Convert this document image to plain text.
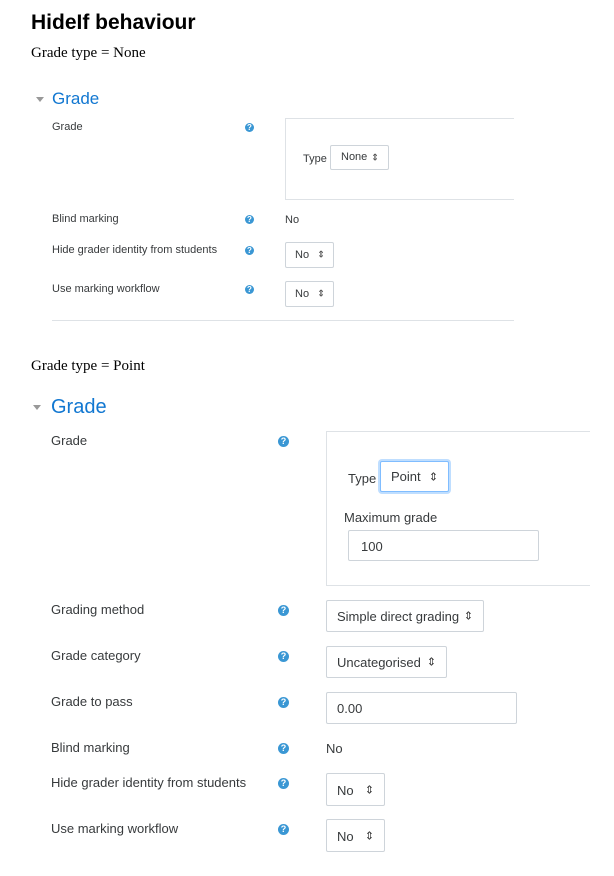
HideIf behaviour
Grade type = None
Grade
Grade	?
Type	None ⇕
Blind marking	?	No
Hide grader identity from students	?	No ⇕
Use marking workflow	?	No ⇕
Grade type = Point
Grade
Grade	?
Type	Point ⇕
Maximum grade
100
Grading method	?	Simple direct grading ⇕
Grade category	?	Uncategorised ⇕
Grade to pass	?	0.00
Blind marking	?	No
Hide grader identity from students	?	No ⇕
Use marking workflow	?	No ⇕
